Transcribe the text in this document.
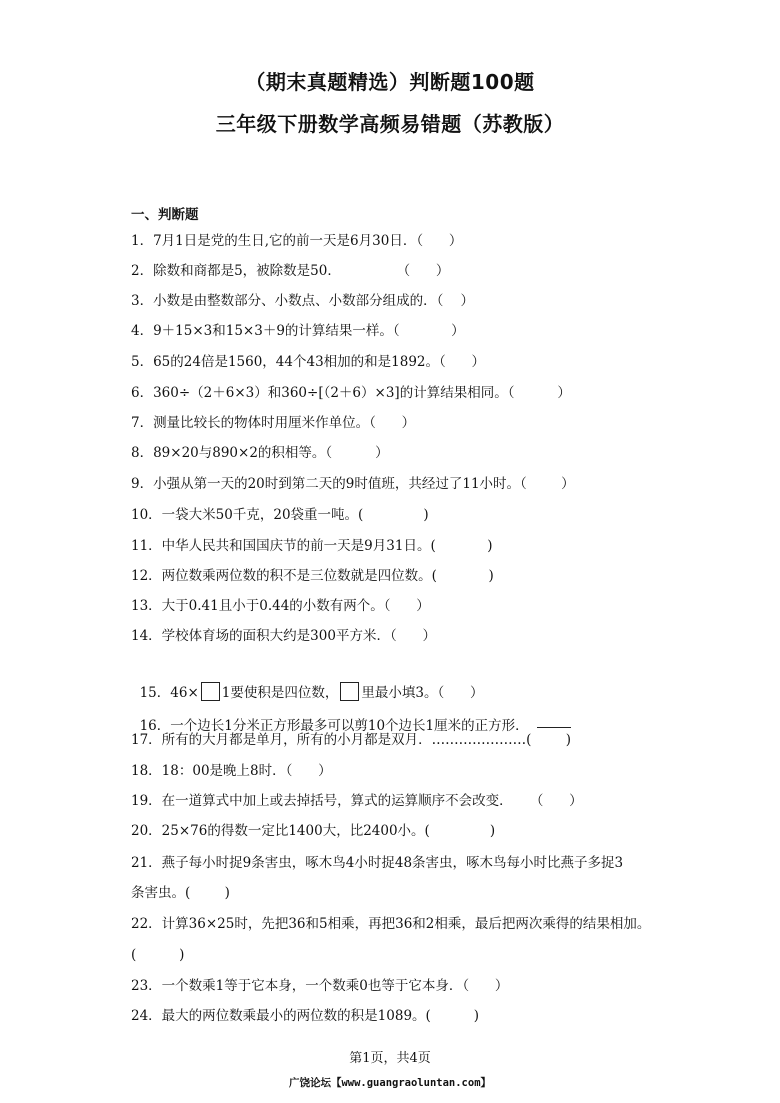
（期末真题精选）判断题100题
三年级下册数学高频易错题（苏教版）
一、判断题
1．7月1日是党的生日,它的前一天是6月30日．（      ）
2．除数和商都是5，被除数是50．             （      ）
3．小数是由整数部分、小数点、小数部分组成的．（    ）
4．9＋15×3和15×3＋9的计算结果一样。（            ）
5．65的24倍是1560，44个43相加的和是1892。（      ）
6．360÷（2＋6×3）和360÷[（2＋6）×3]的计算结果相同。（          ）
7．测量比较长的物体时用厘米作单位。（      ）
8．89×20与890×2的积相等。（          ）
9．小强从第一天的20时到第二天的9时值班，共经过了11小时。（        ）
10．一袋大米50千克，20袋重一吨。(              )
11．中华人民共和国国庆节的前一天是9月31日。(            )
12．两位数乘两位数的积不是三位数就是四位数。(            )
13．大于0.41且小于0.44的小数有两个。（      ）
14．学校体育场的面积大约是300平方米．（      ）

15．46× 1要使积是四位数， 里最小填3。（      ）

16．一个边长1分米正方形最多可以剪10个边长1厘米的正方形．

17．所有的大月都是单月，所有的小月都是双月．…………………(        )
18．18：00是晚上8时．（      ）
19．在一道算式中加上或去掉括号，算式的运算顺序不会改变．    （      ）
20．25×76的得数一定比1400大，比2400小。(              )
21．燕子每小时捉9条害虫，啄木鸟4小时捉48条害虫，啄木鸟每小时比燕子多捉3
条害虫。(        )
22．计算36×25时，先把36和5相乘，再把36和2相乘，最后把两次乘得的结果相加。
(          )
23．一个数乘1等于它本身，一个数乘0也等于它本身．（      ）
24．最大的两位数乘最小的两位数的积是1089。(          )
第1页，共4页
广饶论坛【www.guangraoluntan.com】
